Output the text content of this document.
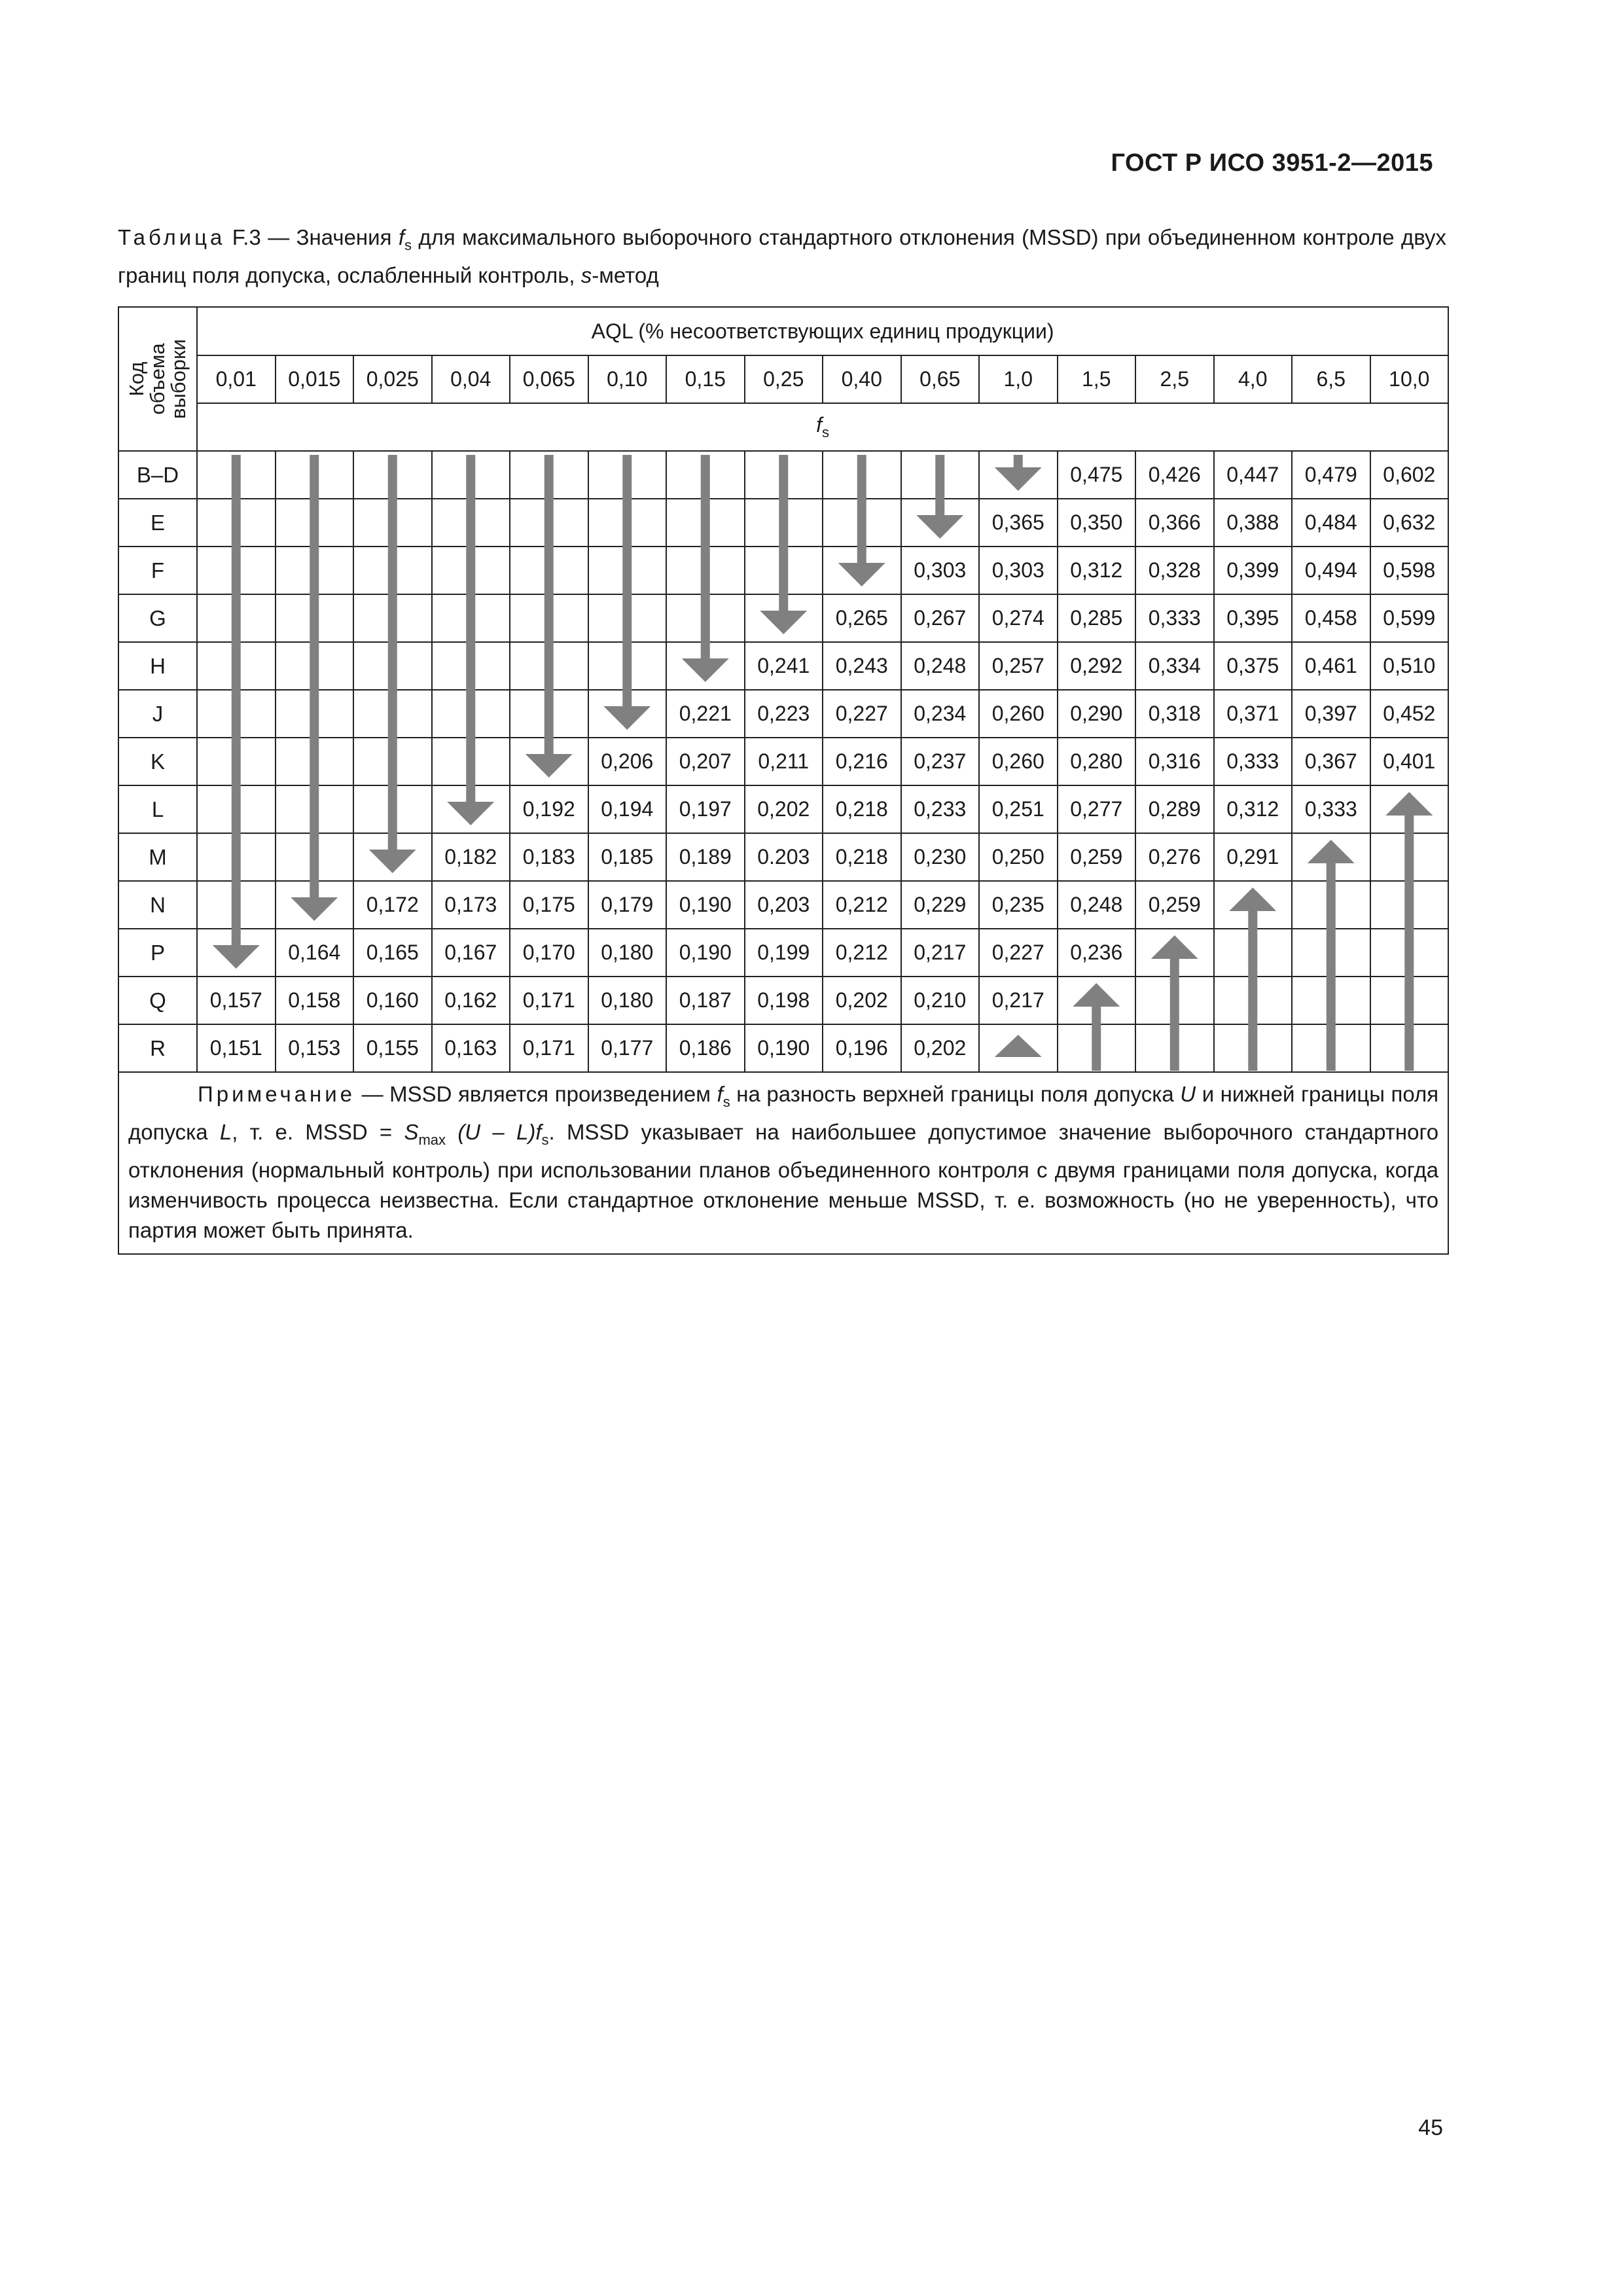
ГОСТ Р ИСО 3951-2—2015
Таблица F.3 — Значения $f_s$ для максимального выборочного стандартного отклонения (MSSD) при объединенном контроле двух границ поля допуска, ослабленный контроль, s-метод
Код
объема
выборки	AQL (% несоответствующих единиц продукции)															
	0,01	0,015	0,025	0,04	0,065	0,10	0,15	0,25	0,40	0,65	1,0	1,5	2,5	4,0	6,5	10,0
	$f_s$
B–D												0,475	0,426	0,447	0,479	0,602
E											0,365	0,350	0,366	0,388	0,484	0,632
F										0,303	0,303	0,312	0,328	0,399	0,494	0,598
G									0,265	0,267	0,274	0,285	0,333	0,395	0,458	0,599
H								0,241	0,243	0,248	0,257	0,292	0,334	0,375	0,461	0,510
J							0,221	0,223	0,227	0,234	0,260	0,290	0,318	0,371	0,397	0,452
K						0,206	0,207	0,211	0,216	0,237	0,260	0,280	0,316	0,333	0,367	0,401
L					0,192	0,194	0,197	0,202	0,218	0,233	0,251	0,277	0,289	0,312	0,333	
M				0,182	0,183	0,185	0,189	0.203	0,218	0,230	0,250	0,259	0,276	0,291		
N			0,172	0,173	0,175	0,179	0,190	0,203	0,212	0,229	0,235	0,248	0,259			
P		0,164	0,165	0,167	0,170	0,180	0,190	0,199	0,212	0,217	0,227	0,236				
Q	0,157	0,158	0,160	0,162	0,171	0,180	0,187	0,198	0,202	0,210	0,217					
R	0,151	0,153	0,155	0,163	0,171	0,177	0,186	0,190	0,196	0,202						
Примечание — MSSD является произведением $f_s$ на разность верхней границы поля допуска U и нижней границы поля допуска L, т. е. MSSD = $S_{max}$ $(U - L)f_s$. MSSD указывает на наибольшее допустимое значение выборочного стандартного отклонения (нормальный контроль) при использовании планов объединенного контроля с двумя границами поля допуска, когда изменчивость процесса неизвестна. Если стандартное отклонение меньше MSSD, т. е. возможность (но не уверенность), что партия может быть принята.																
45
